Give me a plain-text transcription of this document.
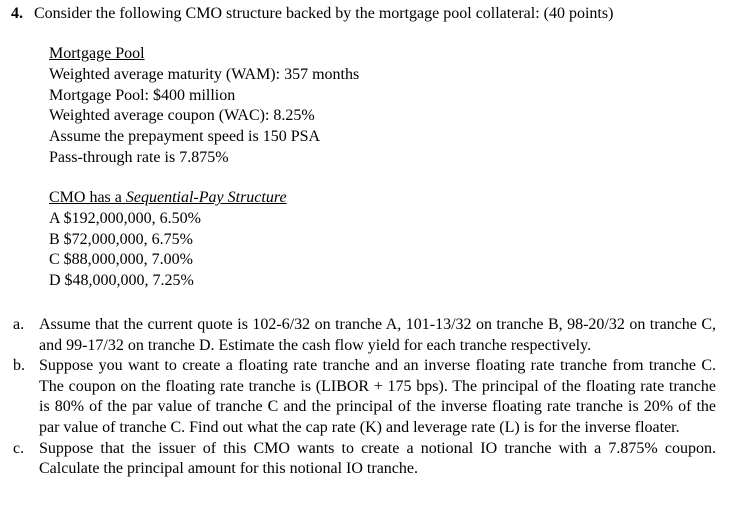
4. Consider the following CMO structure backed by the mortgage pool collateral: (40 points)
Mortgage Pool
Weighted average maturity (WAM): 357 months
Mortgage Pool: $400 million
Weighted average coupon (WAC): 8.25%
Assume the prepayment speed is 150 PSA
Pass-through rate is 7.875%
CMO has a Sequential-Pay Structure
A $192,000,000, 6.50%
B $72,000,000, 6.75%
C $88,000,000, 7.00%
D $48,000,000, 7.25%
a. Assume that the current quote is 102-6/32 on tranche A, 101-13/32 on tranche B, 98-20/32 on tranche C, and 99-17/32 on tranche D. Estimate the cash flow yield for each tranche respectively.
b. Suppose you want to create a floating rate tranche and an inverse floating rate tranche from tranche C. The coupon on the floating rate tranche is (LIBOR + 175 bps). The principal of the floating rate tranche is 80% of the par value of tranche C and the principal of the inverse floating rate tranche is 20% of the par value of tranche C. Find out what the cap rate (K) and leverage rate (L) is for the inverse floater.
c. Suppose that the issuer of this CMO wants to create a notional IO tranche with a 7.875% coupon. Calculate the principal amount for this notional IO tranche.
